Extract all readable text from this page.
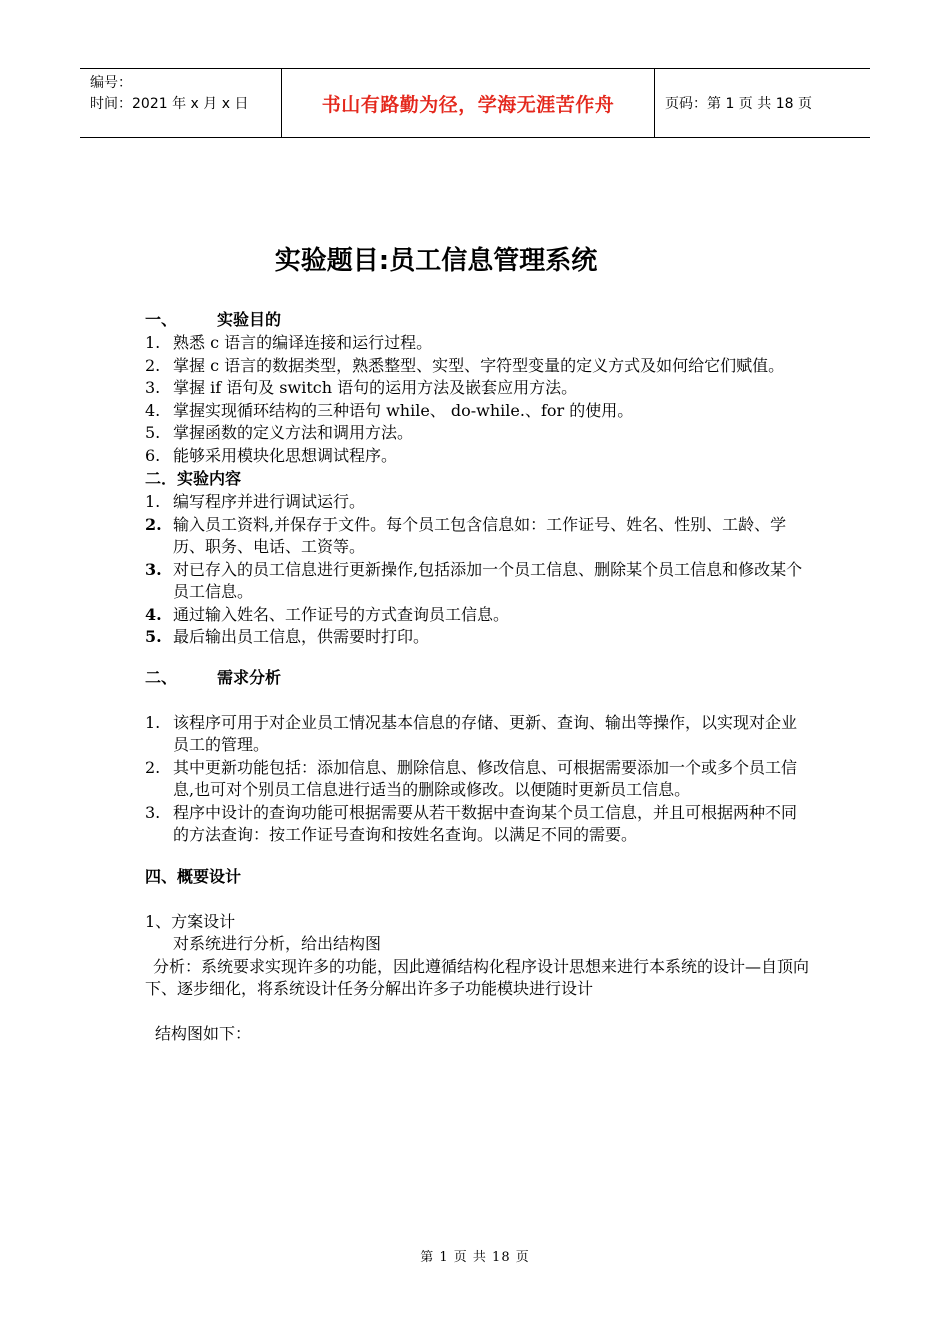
编号：
时间：2021 年 x 月 x 日	书山有路勤为径，学海无涯苦作舟	页码：第 1 页 共 18 页
实验题目:员工信息管理系统
一、	实验目的
1. 熟悉 c 语言的编译连接和运行过程。
2. 掌握 c 语言的数据类型，熟悉整型、实型、字符型变量的定义方式及如何给它们赋值。
3. 掌握 if 语句及 switch 语句的运用方法及嵌套应用方法。
4. 掌握实现循环结构的三种语句 while、 do-while.、for 的使用。
5. 掌握函数的定义方法和调用方法。
6. 能够采用模块化思想调试程序。
二．实验内容
1. 编写程序并进行调试运行。
2. 输入员工资料,并保存于文件。每个员工包含信息如：工作证号、姓名、性别、工龄、学历、职务、电话、工资等。
3. 对已存入的员工信息进行更新操作,包括添加一个员工信息、删除某个员工信息和修改某个员工信息。
4. 通过输入姓名、工作证号的方式查询员工信息。
5. 最后输出员工信息，供需要时打印。
二、	需求分析
1. 该程序可用于对企业员工情况基本信息的存储、更新、查询、输出等操作，以实现对企业员工的管理。
2. 其中更新功能包括：添加信息、删除信息、修改信息、可根据需要添加一个或多个员工信息,也可对个别员工信息进行适当的删除或修改。以便随时更新员工信息。
3. 程序中设计的查询功能可根据需要从若干数据中查询某个员工信息，并且可根据两种不同的方法查询：按工作证号查询和按姓名查询。以满足不同的需要。
四、概要设计
1、方案设计
对系统进行分析，给出结构图
分析：系统要求实现许多的功能，因此遵循结构化程序设计思想来进行本系统的设计—自顶向下、逐步细化，将系统设计任务分解出许多子功能模块进行设计
结构图如下：
第 1 页 共 18 页
